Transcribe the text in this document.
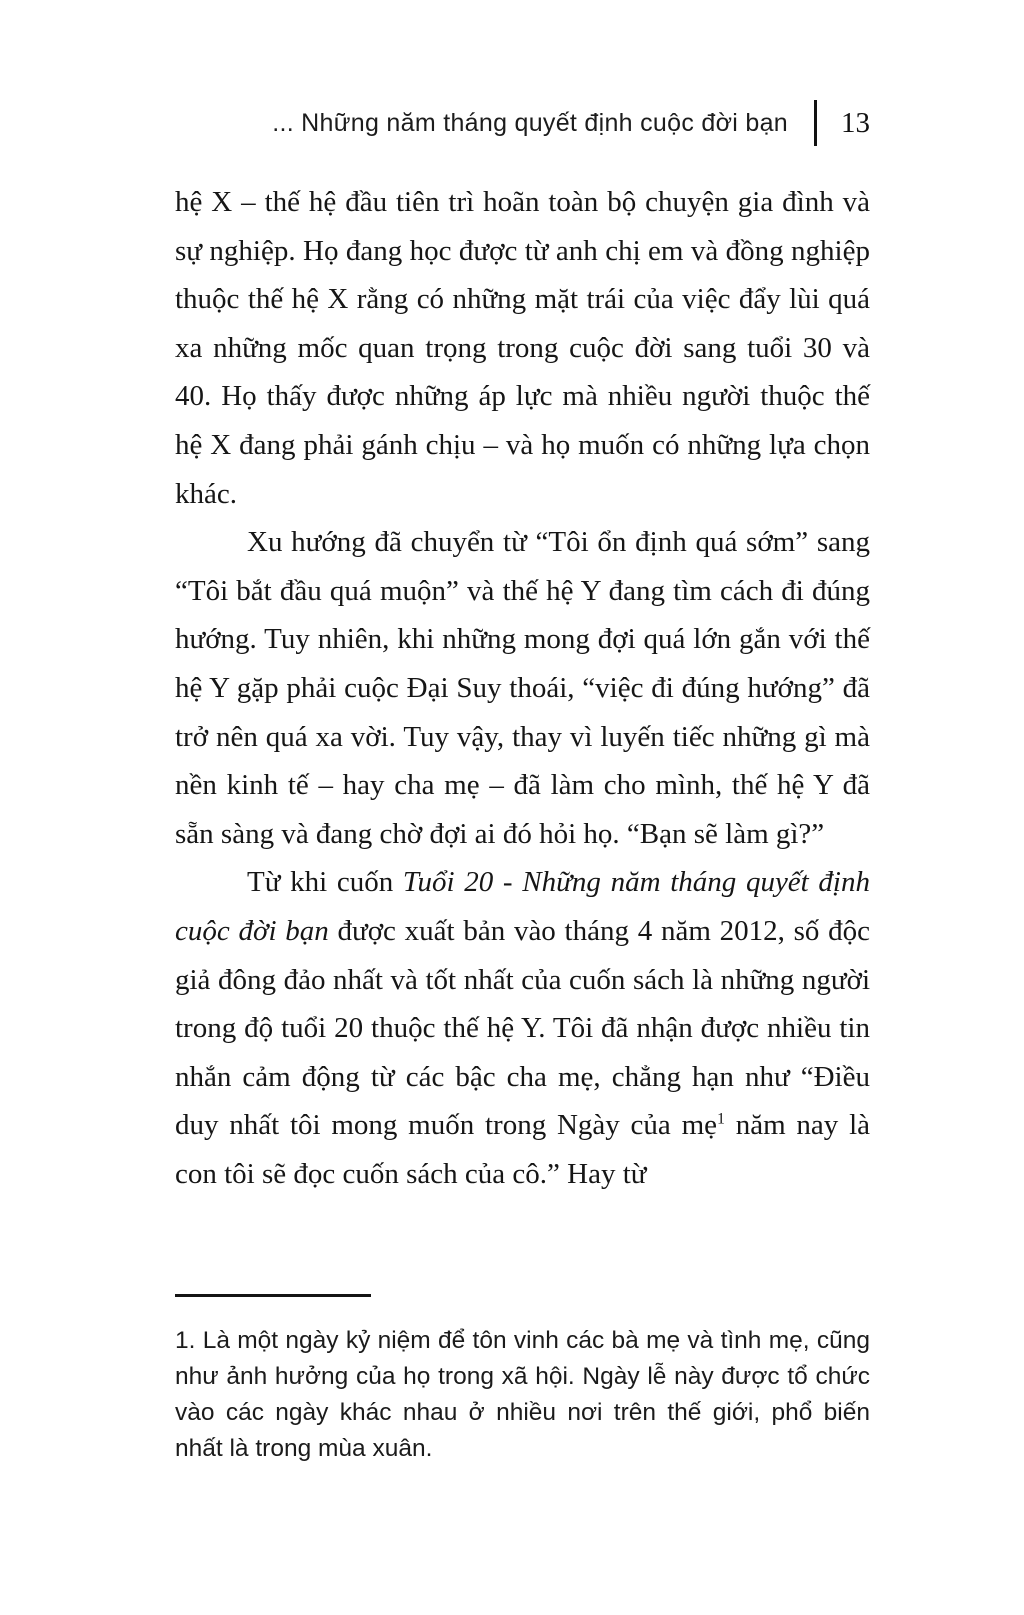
... Những năm tháng quyết định cuộc đời bạn 13

hệ X – thế hệ đầu tiên trì hoãn toàn bộ chuyện gia đình và sự nghiệp. Họ đang học được từ anh chị em và đồng nghiệp thuộc thế hệ X rằng có những mặt trái của việc đẩy lùi quá xa những mốc quan trọng trong cuộc đời sang tuổi 30 và 40. Họ thấy được những áp lực mà nhiều người thuộc thế hệ X đang phải gánh chịu – và họ muốn có những lựa chọn khác.

Xu hướng đã chuyển từ “Tôi ổn định quá sớm” sang “Tôi bắt đầu quá muộn” và thế hệ Y đang tìm cách đi đúng hướng. Tuy nhiên, khi những mong đợi quá lớn gắn với thế hệ Y gặp phải cuộc Đại Suy thoái, “việc đi đúng hướng” đã trở nên quá xa vời. Tuy vậy, thay vì luyến tiếc những gì mà nền kinh tế – hay cha mẹ – đã làm cho mình, thế hệ Y đã sẵn sàng và đang chờ đợi ai đó hỏi họ. “Bạn sẽ làm gì?”

Từ khi cuốn Tuổi 20 - Những năm tháng quyết định cuộc đời bạn được xuất bản vào tháng 4 năm 2012, số độc giả đông đảo nhất và tốt nhất của cuốn sách là những người trong độ tuổi 20 thuộc thế hệ Y. Tôi đã nhận được nhiều tin nhắn cảm động từ các bậc cha mẹ, chẳng hạn như “Điều duy nhất tôi mong muốn trong Ngày của mẹ$^1$ năm nay là con tôi sẽ đọc cuốn sách của cô.” Hay từ

1. Là một ngày kỷ niệm để tôn vinh các bà mẹ và tình mẹ, cũng như ảnh hưởng của họ trong xã hội. Ngày lễ này được tổ chức vào các ngày khác nhau ở nhiều nơi trên thế giới, phổ biến nhất là trong mùa xuân.
